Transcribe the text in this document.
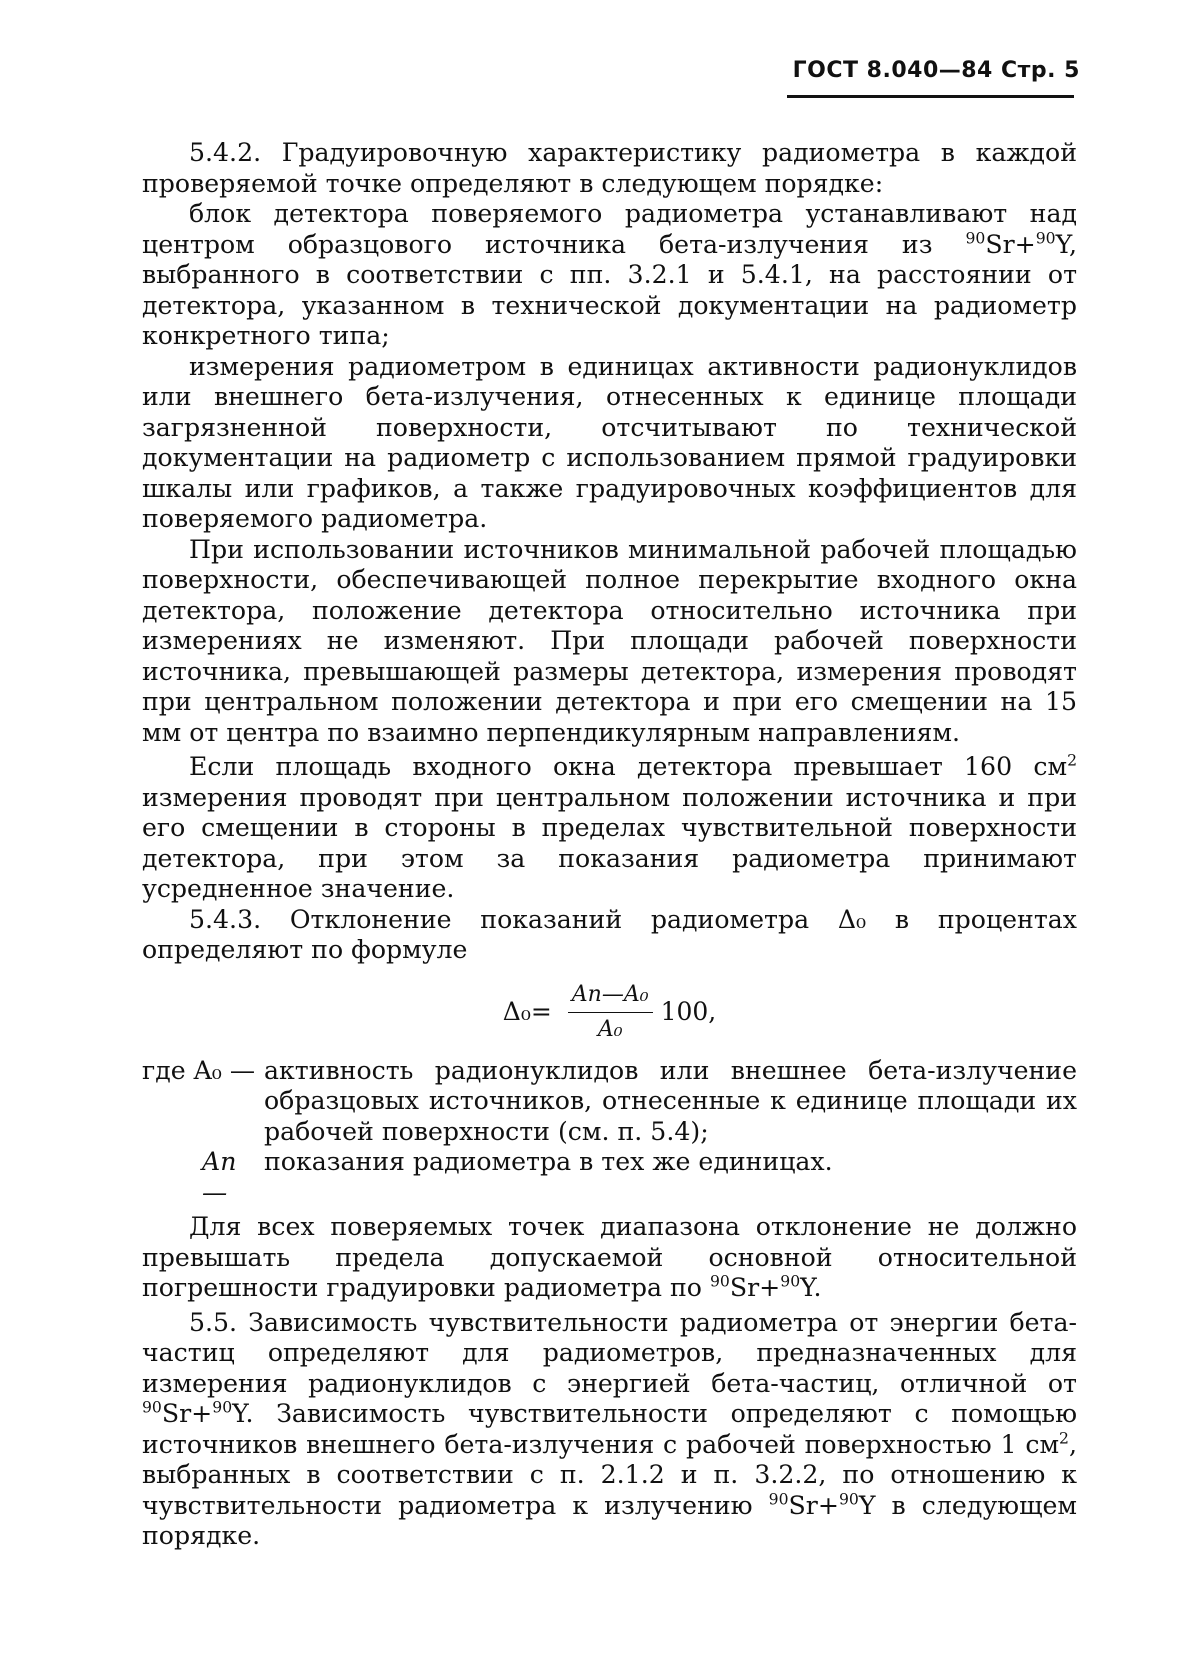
ГОСТ 8.040—84 Стр. 5

5.4.2. Градуировочную характеристику радиометра в каждой проверяемой точке определяют в следующем порядке:

блок детектора поверяемого радиометра устанавливают над центром образцового источника бета-излучения из $^{90}$Sr+$^{90}$Y, выбранного в соответствии с пп. 3.2.1 и 5.4.1, на расстоянии от детектора, указанном в технической документации на радиометр конкретного типа;

измерения радиометром в единицах активности радионуклидов или внешнего бета-излучения, отнесенных к единице площади загрязненной поверхности, отсчитывают по технической документации на радиометр с использованием прямой градуировки шкалы или графиков, а также градуировочных коэффициентов для поверяемого радиометра.

При использовании источников минимальной рабочей площадью поверхности, обеспечивающей полное перекрытие входного окна детектора, положение детектора относительно источника при измерениях не изменяют. При площади рабочей поверхности источника, превышающей размеры детектора, измерения проводят при центральном положении детектора и при его смещении на 15 мм от центра по взаимно перпендикулярным направлениям.

Если площадь входного окна детектора превышает 160 $см^2$ измерения проводят при центральном положении источника и при его смещении в стороны в пределах чувствительной поверхности детектора, при этом за показания радиометра принимают усредненное значение.

5.4.3. Отклонение показаний радиометра Δ₀ в процентах определяют по формуле

$\Delta_0= \frac{\text{Aп—A₀}}{\text{A₀}} 100$,
где A₀ — активность радионуклидов или внешнее бета-излучение образцовых источников, отнесенные к единице площади их рабочей поверхности (см. п. 5.4);
Aп —
показания радиометра в тех же единицах.

Для всех поверяемых точек диапазона отклонение не должно превышать предела допускаемой основной относительной погрешности градуировки радиометра по $^{90}$Sr+$^{90}$Y.

5.5. Зависимость чувствительности радиометра от энергии бета-частиц определяют для радиометров, предназначенных для измерения радионуклидов с энергией бета-частиц, отличной от $^{90}$Sr+$^{90}$Y. Зависимость чувствительности определяют с помощью источников внешнего бета-излучения с рабочей поверхностью 1 $см^2$, выбранных в соответствии с п. 2.1.2 и п. 3.2.2, по отношению к чувствительности радиометра к излучению $^{90}$Sr+$^{90}$Y в следующем порядке.
